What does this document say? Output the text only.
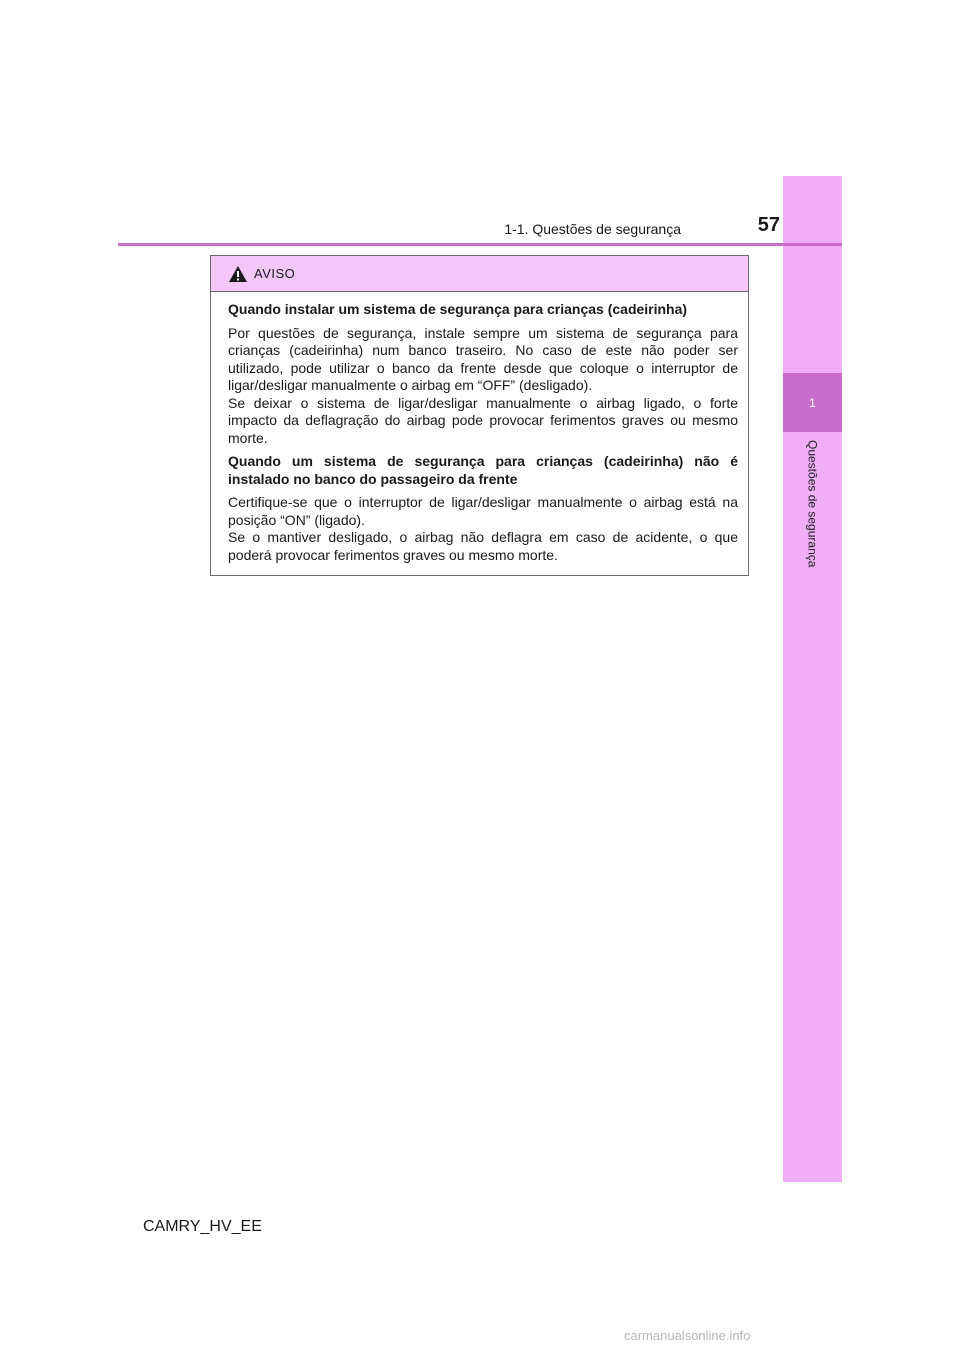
1
Questões de segurança
1-1. Questões de segurança	57
AVISO

Quando instalar um sistema de segurança para crianças (cadeirinha)

Por questões de segurança, instale sempre um sistema de segurança para crianças (cadeirinha) num banco traseiro. No caso de este não poder ser utilizado, pode utilizar o banco da frente desde que coloque o interruptor de ligar/desligar manualmente o airbag em “OFF” (desligado).
Se deixar o sistema de ligar/desligar manualmente o airbag ligado, o forte impacto da deflagração do airbag pode provocar ferimentos graves ou mesmo morte.

Quando um sistema de segurança para crianças (cadeirinha) não é instalado no banco do passageiro da frente

Certifique-se que o interruptor de ligar/desligar manualmente o airbag está na posição “ON” (ligado).
Se o mantiver desligado, o airbag não deflagra em caso de acidente, o que poderá provocar ferimentos graves ou mesmo morte.

CAMRY_HV_EE
carmanualsonline.info
